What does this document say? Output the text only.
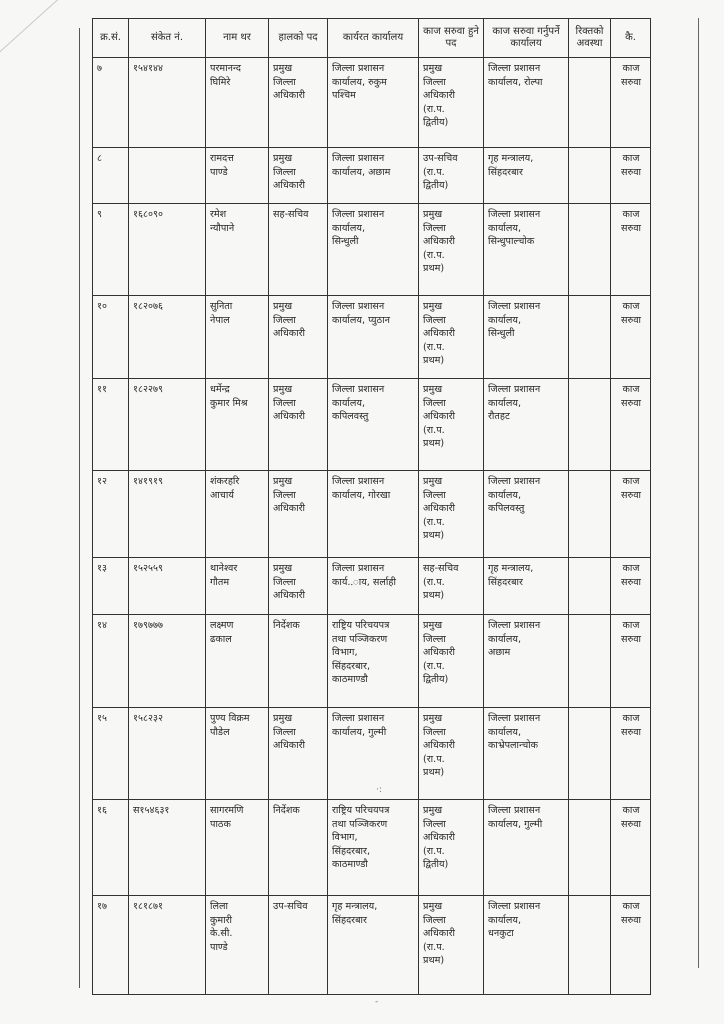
क्र.सं.	संकेत नं.	नाम थर	हालको पद	कार्यरत कार्यालय	काज सरुवा हुने पद	काज सरुवा गर्नुपर्ने कार्यालय	रिक्तको अवस्था	कै.
७	१५४१४४	परमानन्द
घिमिरे	प्रमुख
जिल्ला
अधिकारी	जिल्ला प्रशासन
कार्यालय, रुकुम
पश्चिम	प्रमुख
जिल्ला
अधिकारी
(रा.प.
द्वितीय)	जिल्ला प्रशासन
कार्यालय, रोल्पा		काज
सरुवा

८		रामदत्त
पाण्डे	प्रमुख
जिल्ला
अधिकारी	जिल्ला प्रशासन
कार्यालय, अछाम	उप-सचिव
(रा.प.
द्वितीय)	गृह मन्त्रालय,
सिंहदरबार		काज
सरुवा

९	१६८०९०	रमेश
न्यौपाने	सह-सचिव	जिल्ला प्रशासन
कार्यालय,
सिन्धुली	प्रमुख
जिल्ला
अधिकारी
(रा.प.
प्रथम)	जिल्ला प्रशासन
कार्यालय,
सिन्धुपाल्चोक		काज
सरुवा

१०	१८२०७६	सुनिता
नेपाल	प्रमुख
जिल्ला
अधिकारी	जिल्ला प्रशासन
कार्यालय, प्युठान	प्रमुख
जिल्ला
अधिकारी
(रा.प.
प्रथम)	जिल्ला प्रशासन
कार्यालय,
सिन्धुली		काज
सरुवा

११	१८२२७९	धर्मेन्द्र
कुमार मिश्र	प्रमुख
जिल्ला
अधिकारी	जिल्ला प्रशासन
कार्यालय,
कपिलवस्तु	प्रमुख
जिल्ला
अधिकारी
(रा.प.
प्रथम)	जिल्ला प्रशासन
कार्यालय,
रौतहट		काज
सरुवा

१२	१४१९१९	शंकरहरि
आचार्य	प्रमुख
जिल्ला
अधिकारी	जिल्ला प्रशासन
कार्यालय, गोरखा	प्रमुख
जिल्ला
अधिकारी
(रा.प.
प्रथम)	जिल्ला प्रशासन
कार्यालय,
कपिलवस्तु		काज
सरुवा

१३	१५२५५९	थानेश्वर
गौतम	प्रमुख
जिल्ला
अधिकारी	जिल्ला प्रशासन
कार्य..ाय, सर्लाही	सह-सचिव
(रा.प.
प्रथम)	गृह मन्त्रालय,
सिंहदरबार		काज
सरुवा

१४	१७९७७७	लक्ष्मण
ढकाल	निर्देशक	राष्ट्रिय परिचयपत्र
तथा पञ्जिकरण
विभाग,
सिंहदरबार,
काठमाण्डौ	प्रमुख
जिल्ला
अधिकारी
(रा.प.
द्वितीय)	जिल्ला प्रशासन
कार्यालय,
अछाम		काज
सरुवा

१५	१५८२३२	पुण्य विक्रम
पौडेल	प्रमुख
जिल्ला
अधिकारी	जिल्ला प्रशासन
कार्यालय, गुल्मी	प्रमुख
जिल्ला
अधिकारी
(रा.प.
प्रथम)	जिल्ला प्रशासन
कार्यालय,
काभ्रेपलान्चोक		काज
सरुवा

१६	स१५४६३१	सागरमणि
पाठक	निर्देशक	राष्ट्रिय परिचयपत्र
तथा पञ्जिकरण
विभाग,
सिंहदरबार,
काठमाण्डौ	प्रमुख
जिल्ला
अधिकारी
(रा.प.
द्वितीय)	जिल्ला प्रशासन
कार्यालय, गुल्मी		काज
सरुवा

१७	१८१८७१	लिला
कुमारी
के.सी.
पाण्डे	उप-सचिव	गृह मन्त्रालय,
सिंहदरबार	प्रमुख
जिल्ला
अधिकारी
(रा.प.
प्रथम)	जिल्ला प्रशासन
कार्यालय,
धनकुटा		काज
सरुवा
·:
-
